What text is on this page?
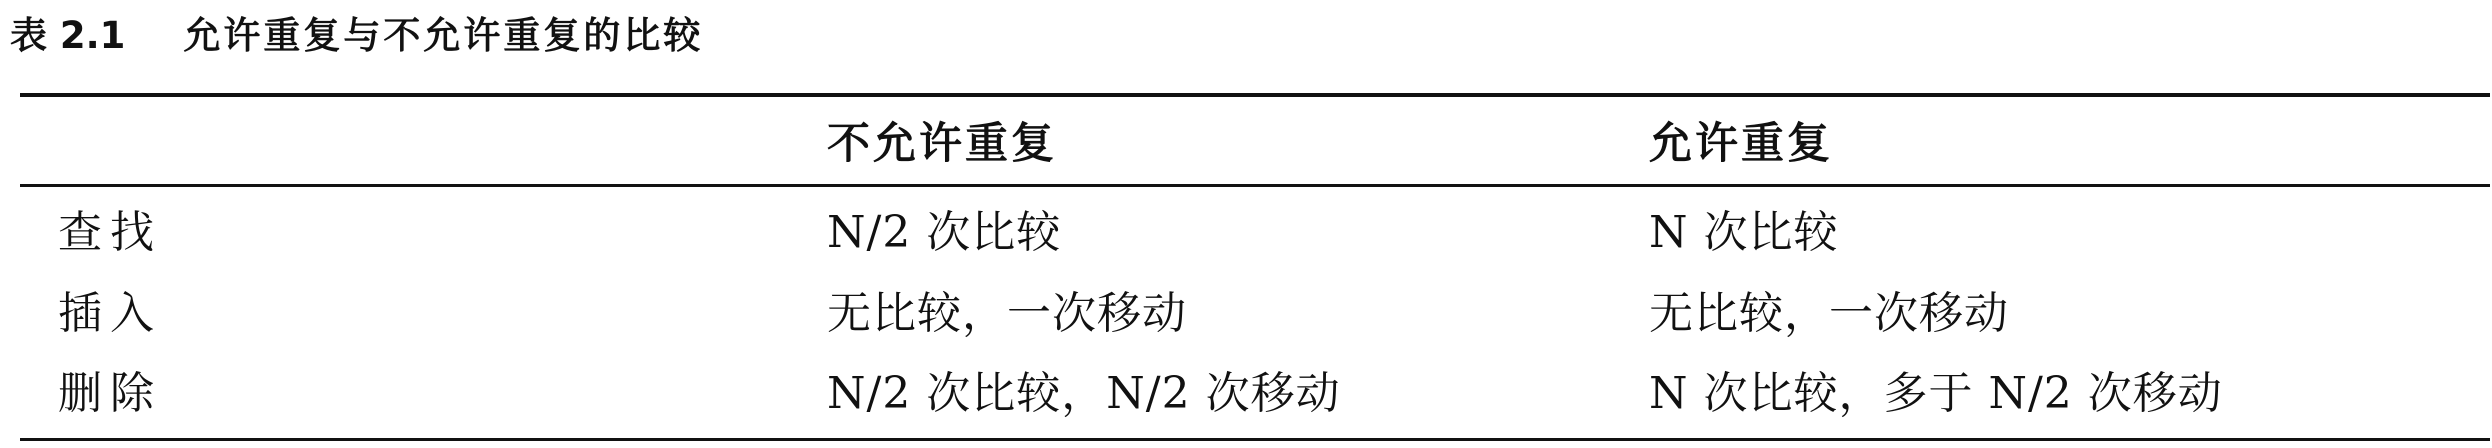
表 2.1 允许重复与不允许重复的比较
	不允许重复	允许重复
查找	N/2 次比较	N 次比较
插入	无比较，一次移动	无比较，一次移动
删除	N/2 次比较，N/2 次移动	N 次比较，多于 N/2 次移动
